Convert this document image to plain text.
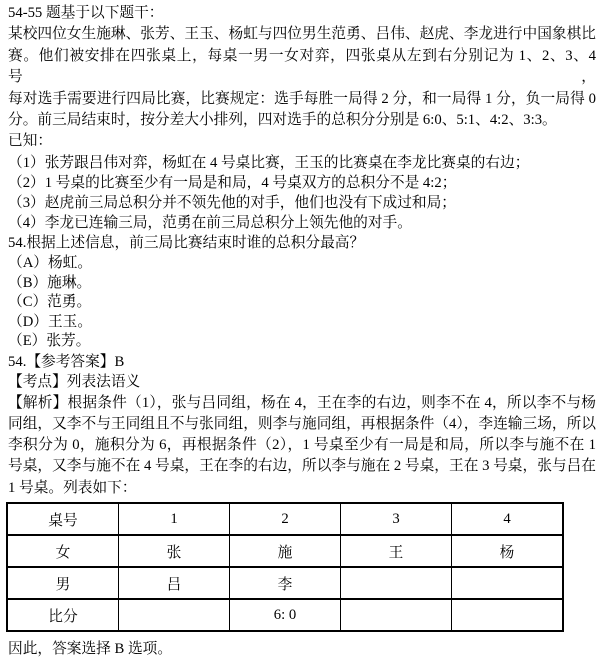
54-55 题基于以下题干：
某校四位女生施琳、张芳、王玉、杨虹与四位男生范勇、吕伟、赵虎、李龙进行中国象棋比
赛。他们被安排在四张桌上，每桌一男一女对弈，四张桌从左到右分别记为 1、2、3、4 号，
每对选手需要进行四局比赛，比赛规定：选手每胜一局得 2 分，和一局得 1 分，负一局得 0
分。前三局结束时，按分差大小排列，四对选手的总积分分别是 6:0、5:1、4:2、3:3。
已知：
（1）张芳跟吕伟对弈，杨虹在 4 号桌比赛，王玉的比赛桌在李龙比赛桌的右边；
（2）1 号桌的比赛至少有一局是和局，4 号桌双方的总积分不是 4:2；
（3）赵虎前三局总积分并不领先他的对手，他们也没有下成过和局；
（4）李龙已连输三局，范勇在前三局总积分上领先他的对手。
54.根据上述信息，前三局比赛结束时谁的总积分最高？
（A）杨虹。
（B）施琳。
（C）范勇。
（D）王玉。
（E）张芳。
54.【参考答案】B
【考点】列表法语义
【解析】根据条件（1），张与吕同组，杨在 4，王在李的右边，则李不在 4，所以李不与杨
同组，又李不与王同组且不与张同组，则李与施同组，再根据条件（4），李连输三场，所以
李积分为 0，施积分为 6，再根据条件（2），1 号桌至少有一局是和局，所以李与施不在 1
号桌，又李与施不在 4 号桌，王在李的右边，所以李与施在 2 号桌，王在 3 号桌，张与吕在
1 号桌。列表如下：
桌号	1	2	3	4
女	张	施	王	杨
男	吕	李		
比分		6: 0		
因此，答案选择 B 选项。
